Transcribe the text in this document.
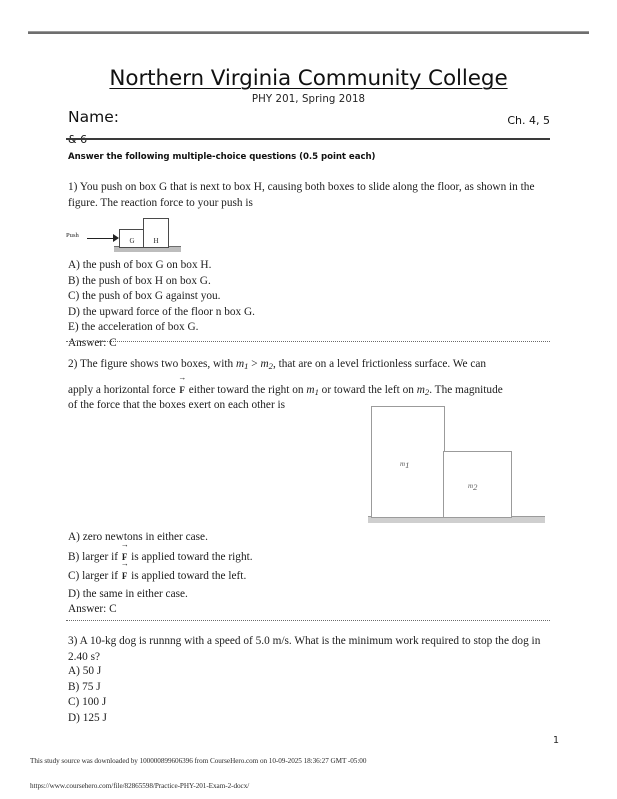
Northern Virginia Community College
PHY 201, Spring 2018
Name:	Ch. 4, 5
Answer the following multiple-choice questions (0.5 point each)
1) You push on box G that is next to box H, causing both boxes to slide along the floor, as shown in the figure. The reaction force to your push is
Push
G	H
A) the push of box G on box H.
B) the push of box H on box G.
C) the push of box G against you.
D) the upward force of the floor n box G.
E) the acceleration of box G.
Answer: C
2) The figure shows two boxes, with $m_1 > m_2$, that are on a level frictionless surface. We can
apply a horizontal force → F either toward the right on $m_1$ or toward the left on $m_2$. The magnitude
of the force that the boxes exert on each other is
m1
m2
A) zero newtons in either case.
B) larger if → F is applied toward the right.
C) larger if → F is applied toward the left.
D) the same in either case.
Answer: C
3) A 10-kg dog is runnng with a speed of 5.0 m/s. What is the minimum work required to stop the dog in 2.40 s?
A) 50 J
B) 75 J
C) 100 J
D) 125 J
1
This study source was downloaded by 100000899606396 from CourseHero.com on 10-09-2025 18:36:27 GMT -05:00
https://www.coursehero.com/file/82865598/Practice-PHY-201-Exam-2-docx/
